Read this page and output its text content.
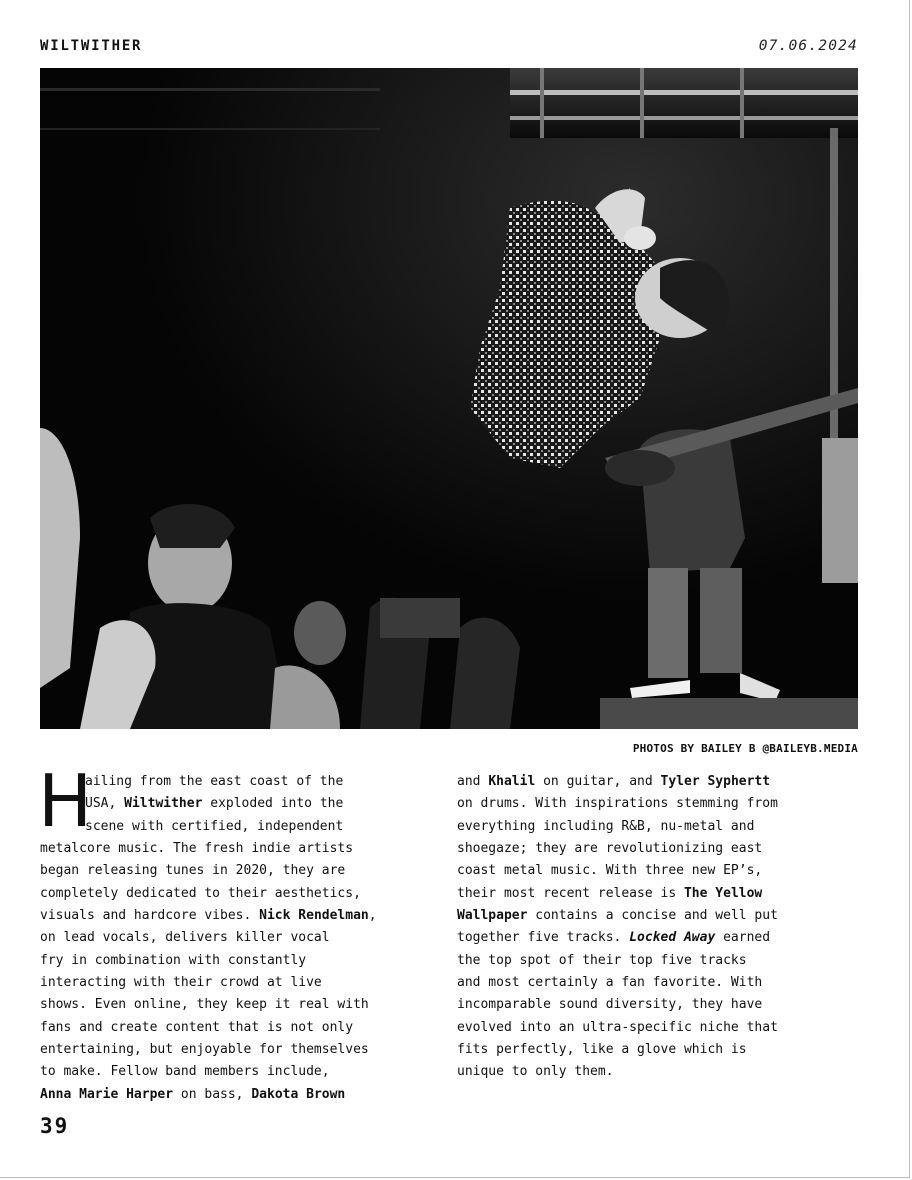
WILTWITHER	07.06.2024
PHOTOS BY BAILEY B @BAILEYB.MEDIA
H
ailing from the east coast of the
USA, Wiltwither exploded into the
scene with certified, independent
metalcore music. The fresh indie artists
began releasing tunes in 2020, they are
completely dedicated to their aesthetics,
visuals and hardcore vibes. Nick Rendelman,
on lead vocals, delivers killer vocal
fry in combination with constantly
interacting with their crowd at live
shows. Even online, they keep it real with
fans and create content that is not only
entertaining, but enjoyable for themselves
to make. Fellow band members include,
Anna Marie Harper on bass, Dakota Brown
and Khalil on guitar, and Tyler Syphertt
on drums. With inspirations stemming from
everything including R&B, nu-metal and
shoegaze; they are revolutionizing east
coast metal music. With three new EP’s,
their most recent release is The Yellow
Wallpaper contains a concise and well put
together five tracks. Locked Away earned
the top spot of their top five tracks
and most certainly a fan favorite. With
incomparable sound diversity, they have
evolved into an ultra-specific niche that
fits perfectly, like a glove which is
unique to only them.
39
